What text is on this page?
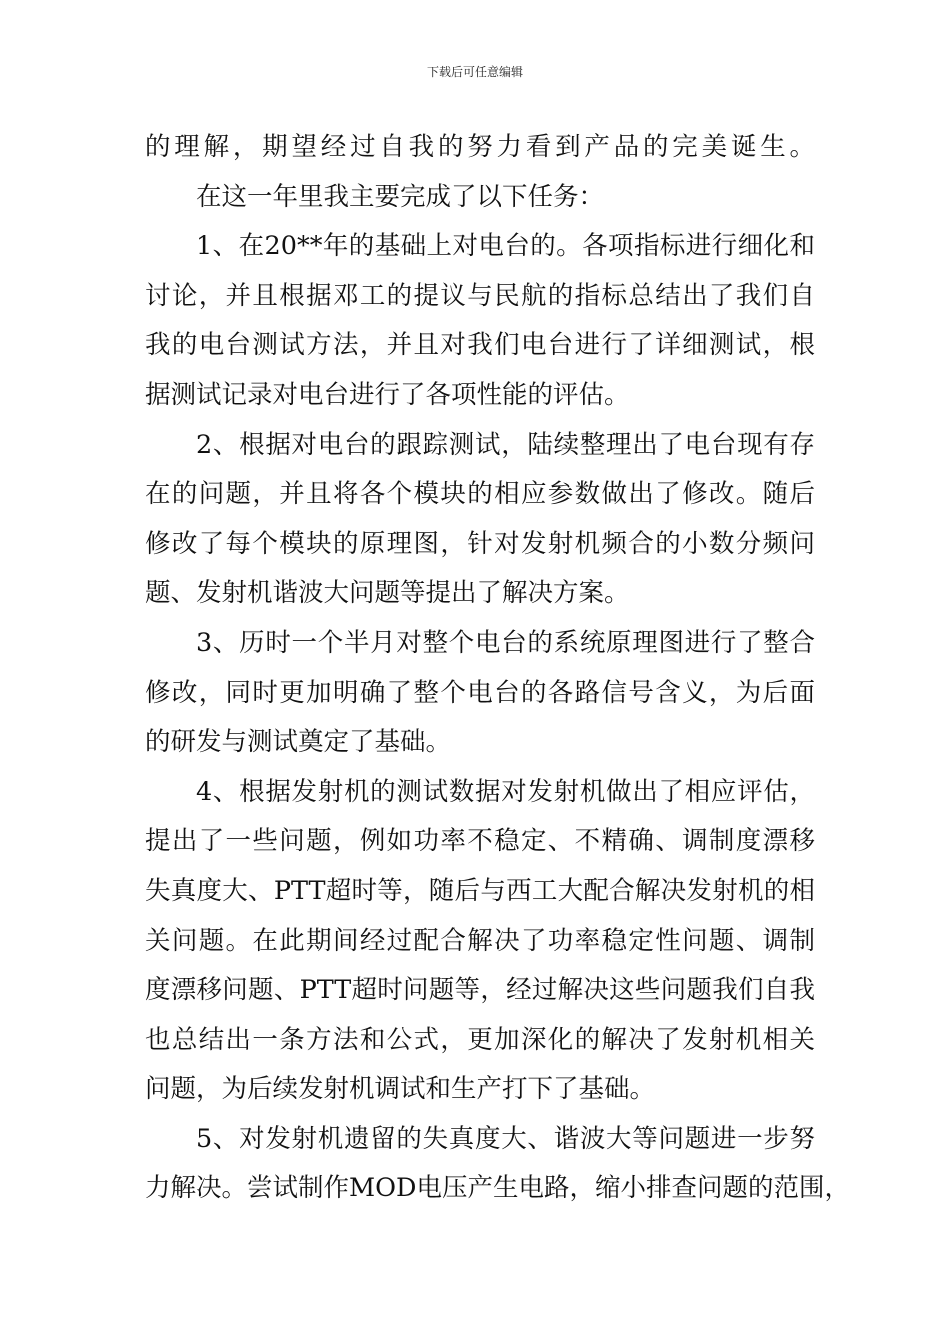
下载后可任意编辑
的理解，期望经过自我的努力看到产品的完美诞生。
在这一年里我主要完成了以下任务：
1、在20**年的基础上对电台的。各项指标进行细化和
讨论，并且根据邓工的提议与民航的指标总结出了我们自
我的电台测试方法，并且对我们电台进行了详细测试，根
据测试记录对电台进行了各项性能的评估。
2、根据对电台的跟踪测试，陆续整理出了电台现有存
在的问题，并且将各个模块的相应参数做出了修改。随后
修改了每个模块的原理图，针对发射机频合的小数分频问
题、发射机谐波大问题等提出了解决方案。
3、历时一个半月对整个电台的系统原理图进行了整合
修改，同时更加明确了整个电台的各路信号含义，为后面
的研发与测试奠定了基础。
4、根据发射机的测试数据对发射机做出了相应评估，
提出了一些问题，例如功率不稳定、不精确、调制度漂移
失真度大、PTT超时等，随后与西工大配合解决发射机的相
关问题。在此期间经过配合解决了功率稳定性问题、调制
度漂移问题、PTT超时问题等，经过解决这些问题我们自我
也总结出一条方法和公式，更加深化的解决了发射机相关
问题，为后续发射机调试和生产打下了基础。
5、对发射机遗留的失真度大、谐波大等问题进一步努
力解决。尝试制作MOD电压产生电路，缩小排查问题的范围，
